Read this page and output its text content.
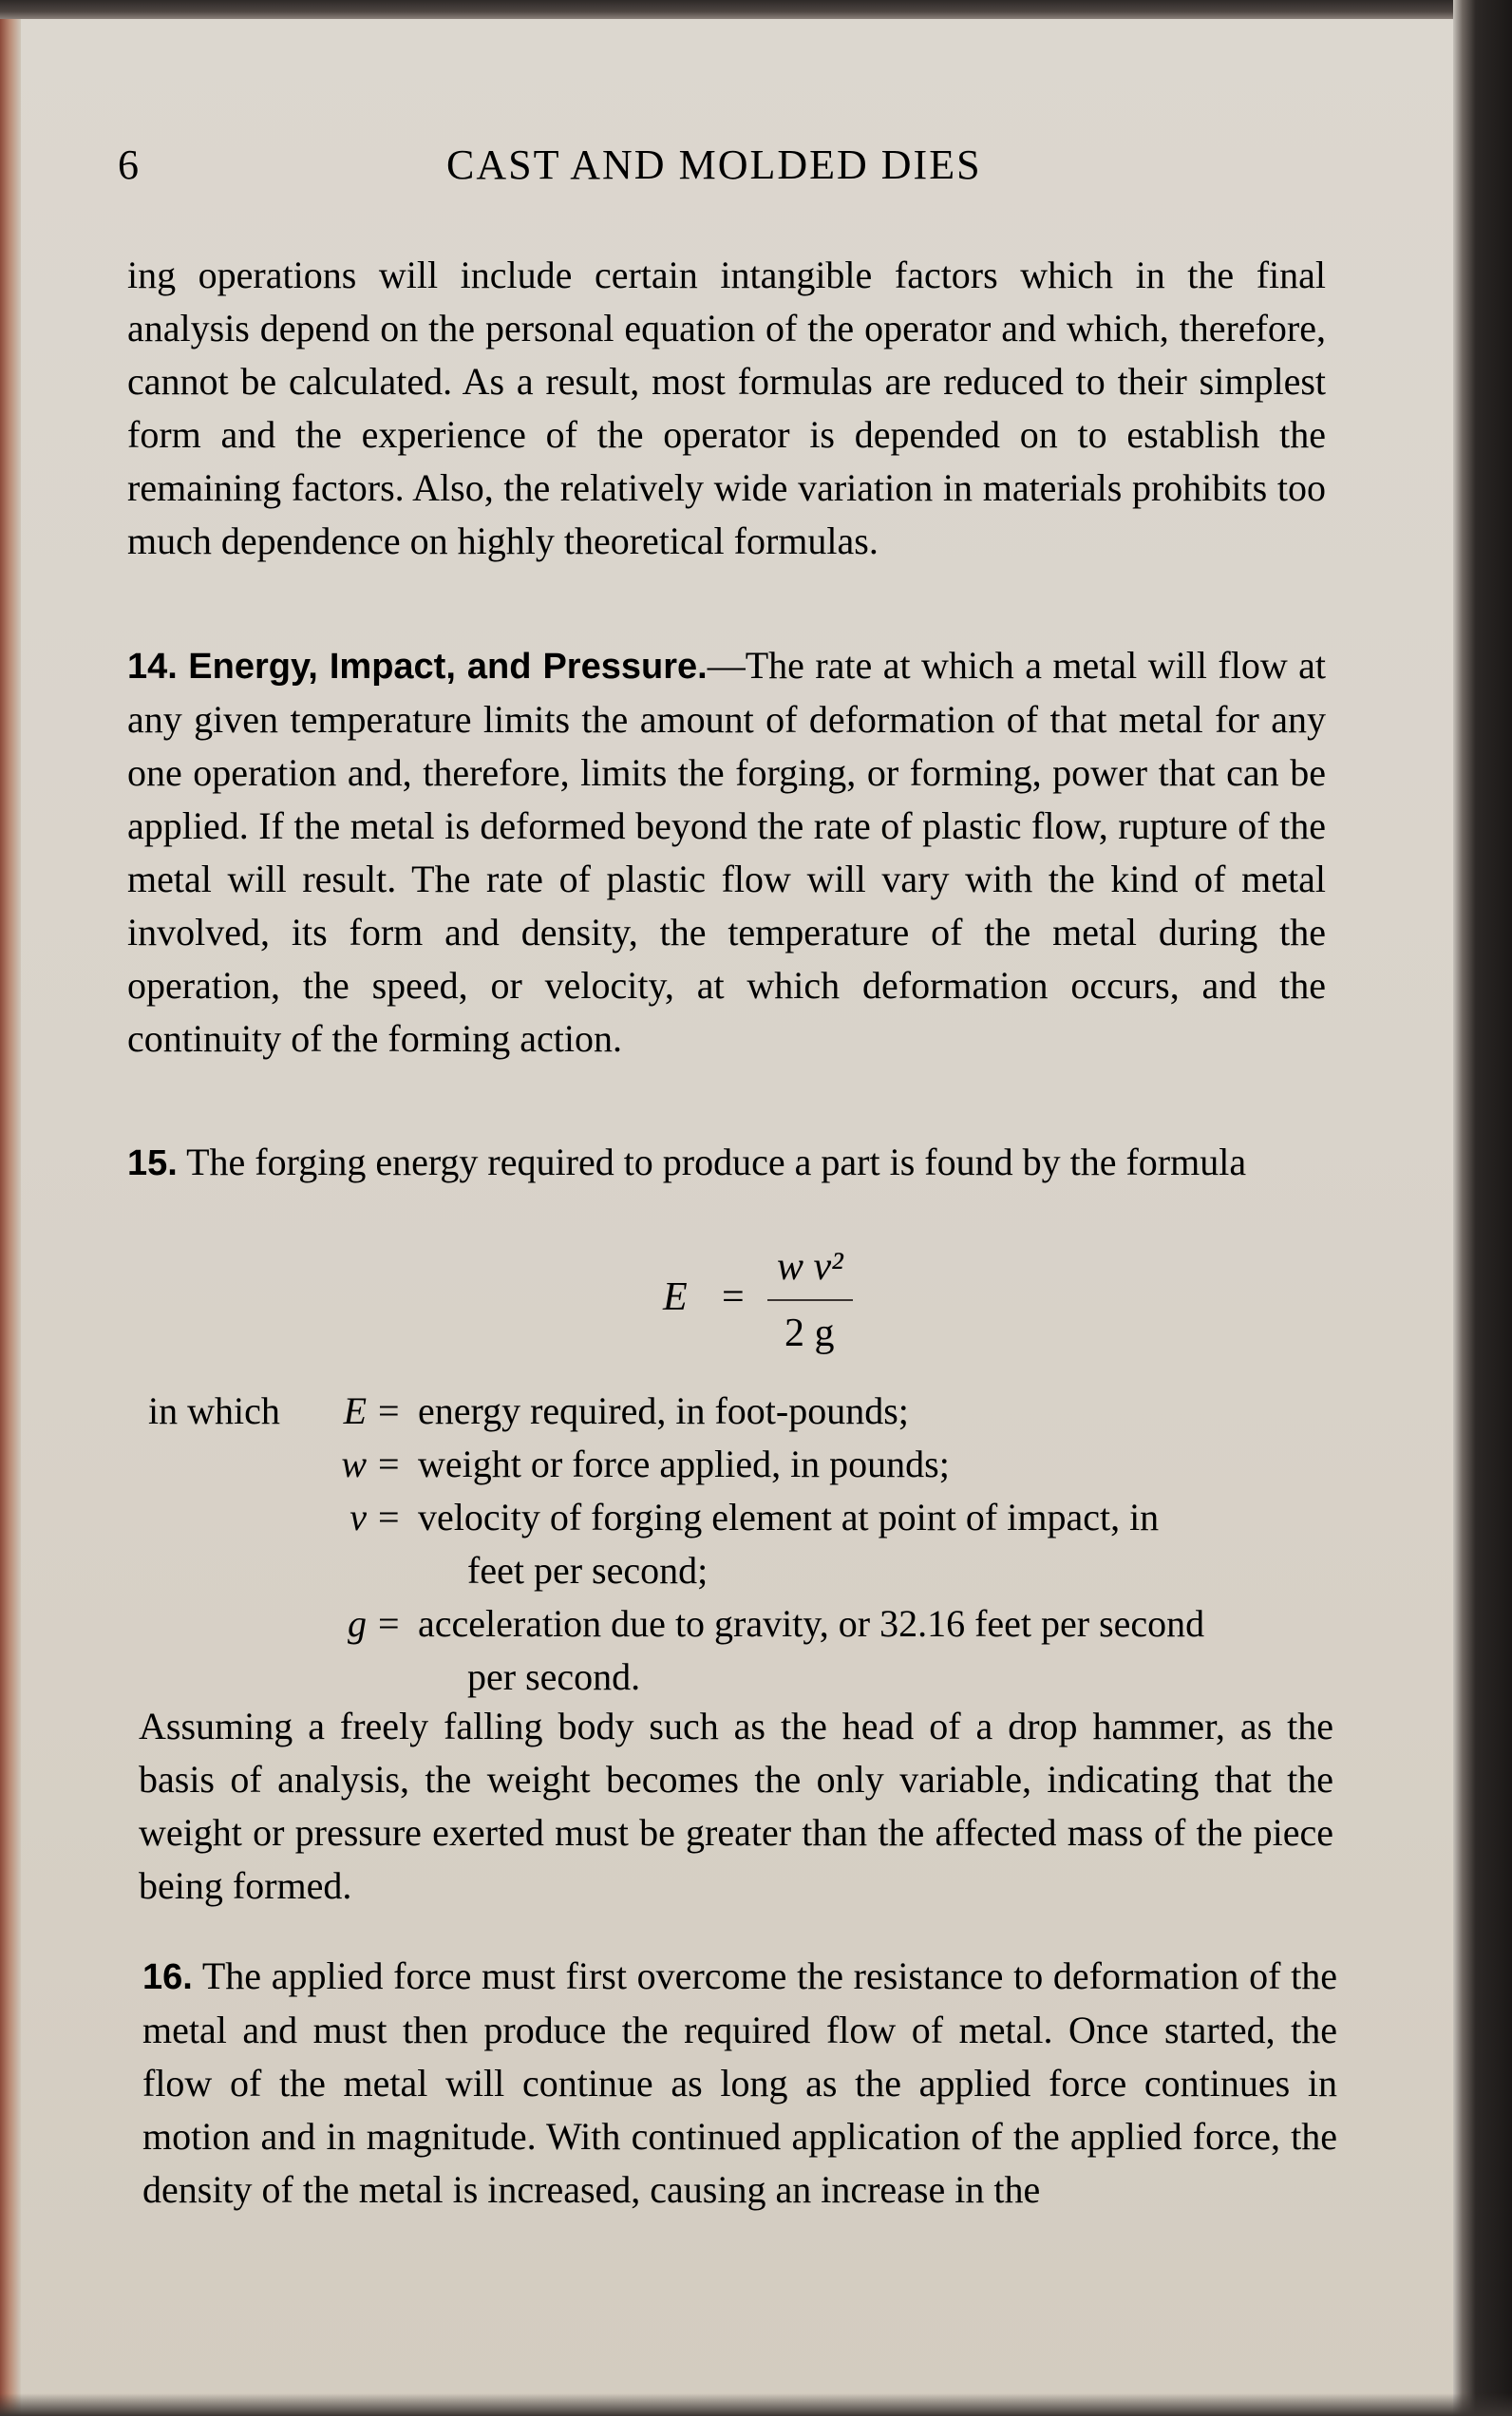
6	CAST AND MOLDED DIES
ing operations will include certain intangible factors which in the final analysis depend on the personal equation of the operator and which, therefore, cannot be calculated. As a result, most formulas are reduced to their simplest form and the experience of the operator is depended on to establish the remaining factors. Also, the relatively wide variation in materials prohibits too much dependence on highly theoretical formulas.
14. Energy, Impact, and Pressure.—The rate at which a metal will flow at any given temperature limits the amount of deformation of that metal for any one operation and, therefore, limits the forging, or forming, power that can be applied. If the metal is deformed beyond the rate of plastic flow, rupture of the metal will result. The rate of plastic flow will vary with the kind of metal involved, its form and density, the temperature of the metal during the operation, the speed, or velocity, at which deformation occurs, and the continuity of the forming action.
15. The forging energy required to produce a part is found by the formula
E =
w v²
2 g
in which	E = energy required, in foot-pounds;
w = weight or force applied, in pounds;
v = velocity of forging element at point of impact, in
feet per second;
g = acceleration due to gravity, or 32.16 feet per second
per second.
Assuming a freely falling body such as the head of a drop hammer, as the basis of analysis, the weight becomes the only variable, indicating that the weight or pressure exerted must be greater than the affected mass of the piece being formed.
16. The applied force must first overcome the resistance to deformation of the metal and must then produce the required flow of metal. Once started, the flow of the metal will continue as long as the applied force continues in motion and in magnitude. With continued application of the applied force, the density of the metal is increased, causing an increase in the
